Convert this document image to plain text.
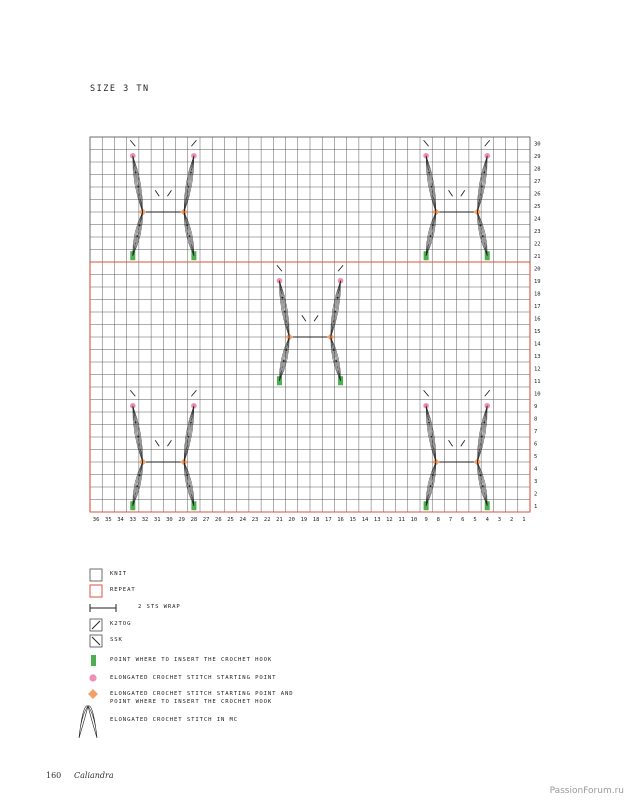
SIZE 3 TN
1
2
3
4
5
6
7
8
9
10
11
12
13
14
15
16
17
18
19
20
21
22
23
24
25
26
27
28
29
30
1
2
3
4
5
6
7
8
9
10
11
12
13
14
15
16
17
18
19
20
21
22
23
24
25
26
27
28
29
30
31
32
33
34
35
36
KNIT
REPEAT
2 STS WRAP
K2TOG
SSK
POINT WHERE TO INSERT THE CROCHET HOOK
ELONGATED CROCHET STITCH STARTING POINT
ELONGATED CROCHET STITCH STARTING POINT AND POINT WHERE TO INSERT THE CROCHET HOOK
ELONGATED CROCHET STITCH IN MC
160 Caliandra
PassionForum.ru
